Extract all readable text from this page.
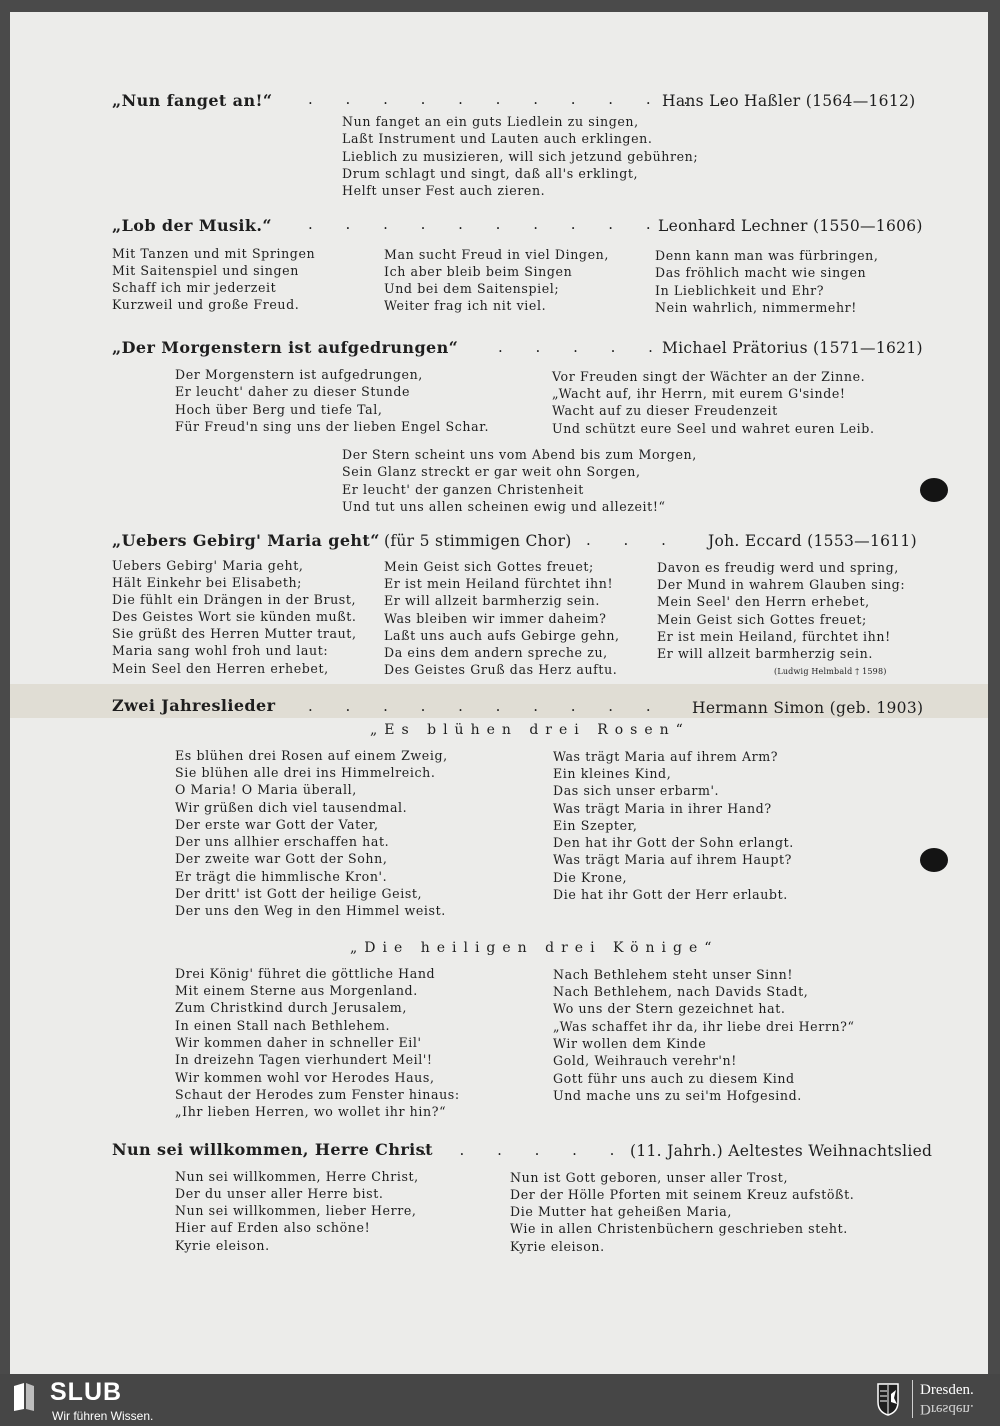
„Nun fanget an!“ . . . . . . . . . . . .
Hans Leo Haßler (1564—1612)
Nun fanget an ein guts Liedlein zu singen,
Laßt Instrument und Lauten auch erklingen.
Lieblich zu musizieren, will sich jetzund gebühren;
Drum schlagt und singt, daß all's erklingt,
Helft unser Fest auch zieren.
„Lob der Musik.“ . . . . . . . . . . . .
Leonhard Lechner (1550—1606)
Mit Tanzen und mit Springen
Mit Saitenspiel und singen
Schaff ich mir jederzeit
Kurzweil und große Freud.
Man sucht Freud in viel Dingen,
Ich aber bleib beim Singen
Und bei dem Saitenspiel;
Weiter frag ich nit viel.
Denn kann man was fürbringen,
Das fröhlich macht wie singen
In Lieblichkeit und Ehr?
Nein wahrlich, nimmermehr!
„Der Morgenstern ist aufgedrungen“	. . . . .
Michael Prätorius (1571—1621)
Der Morgenstern ist aufgedrungen,
Er leucht' daher zu dieser Stunde
Hoch über Berg und tiefe Tal,
Für Freud'n sing uns der lieben Engel Schar.
Vor Freuden singt der Wächter an der Zinne.
„Wacht auf, ihr Herrn, mit eurem G'sinde!
Wacht auf zu dieser Freudenzeit
Und schützt eure Seel und wahret euren Leib.
Der Stern scheint uns vom Abend bis zum Morgen,
Sein Glanz streckt er gar weit ohn Sorgen,
Er leucht' der ganzen Christenheit
Und tut uns allen scheinen ewig und allezeit!“
„Uebers Gebirg' Maria geht“ (für 5 stimmigen Chor) . . . Joh. Eccard (1553—1611)
Uebers Gebirg' Maria geht,
Hält Einkehr bei Elisabeth;
Die fühlt ein Drängen in der Brust,
Des Geistes Wort sie künden mußt.
Sie grüßt des Herren Mutter traut,
Maria sang wohl froh und laut:
Mein Seel den Herren erhebet,
Mein Geist sich Gottes freuet;
Er ist mein Heiland fürchtet ihn!
Er will allzeit barmherzig sein.
Was bleiben wir immer daheim?
Laßt uns auch aufs Gebirge gehn,
Da eins dem andern spreche zu,
Des Geistes Gruß das Herz auftu.
Davon es freudig werd und spring,
Der Mund in wahrem Glauben sing:
Mein Seel' den Herrn erhebet,
Mein Geist sich Gottes freuet;
Er ist mein Heiland, fürchtet ihn!
Er will allzeit barmherzig sein.
(Ludwig Helmbald † 1598)
Zwei Jahreslieder . . . . . . . . . . Hermann Simon (geb. 1903)
„Es blühen drei Rosen“
Es blühen drei Rosen auf einem Zweig,
Sie blühen alle drei ins Himmelreich.
O Maria! O Maria überall,
Wir grüßen dich viel tausendmal.
Der erste war Gott der Vater,
Der uns allhier erschaffen hat.
Der zweite war Gott der Sohn,
Er trägt die himmlische Kron'.
Der dritt' ist Gott der heilige Geist,
Der uns den Weg in den Himmel weist.
Was trägt Maria auf ihrem Arm?
Ein kleines Kind,
Das sich unser erbarm'.
Was trägt Maria in ihrer Hand?
Ein Szepter,
Den hat ihr Gott der Sohn erlangt.
Was trägt Maria auf ihrem Haupt?
Die Krone,
Die hat ihr Gott der Herr erlaubt.
„Die heiligen drei Könige“
Drei König' führet die göttliche Hand
Mit einem Sterne aus Morgenland.
Zum Christkind durch Jerusalem,
In einen Stall nach Bethlehem.
Wir kommen daher in schneller Eil'
In dreizehn Tagen vierhundert Meil'!
Wir kommen wohl vor Herodes Haus,
Schaut der Herodes zum Fenster hinaus:
„Ihr lieben Herren, wo wollet ihr hin?“
Nach Bethlehem steht unser Sinn!
Nach Bethlehem, nach Davids Stadt,
Wo uns der Stern gezeichnet hat.
„Was schaffet ihr da, ihr liebe drei Herrn?“
Wir wollen dem Kinde
Gold, Weihrauch verehr'n!
Gott führ uns auch zu diesem Kind
Und mache uns zu sei'm Hofgesind.
Nun sei willkommen, Herre Christ
. . . . . . (11. Jahrh.) Aeltestes Weihnachtslied
Nun sei willkommen, Herre Christ,
Der du unser aller Herre bist.
Nun sei willkommen, lieber Herre,
Hier auf Erden also schöne!
Kyrie eleison.
Nun ist Gott geboren, unser aller Trost,
Der der Hölle Pforten mit seinem Kreuz aufstößt.
Die Mutter hat geheißen Maria,
Wie in allen Christenbüchern geschrieben steht.
Kyrie eleison.
SLUB
Wir führen Wissen.
Dresden.
Dresden.
